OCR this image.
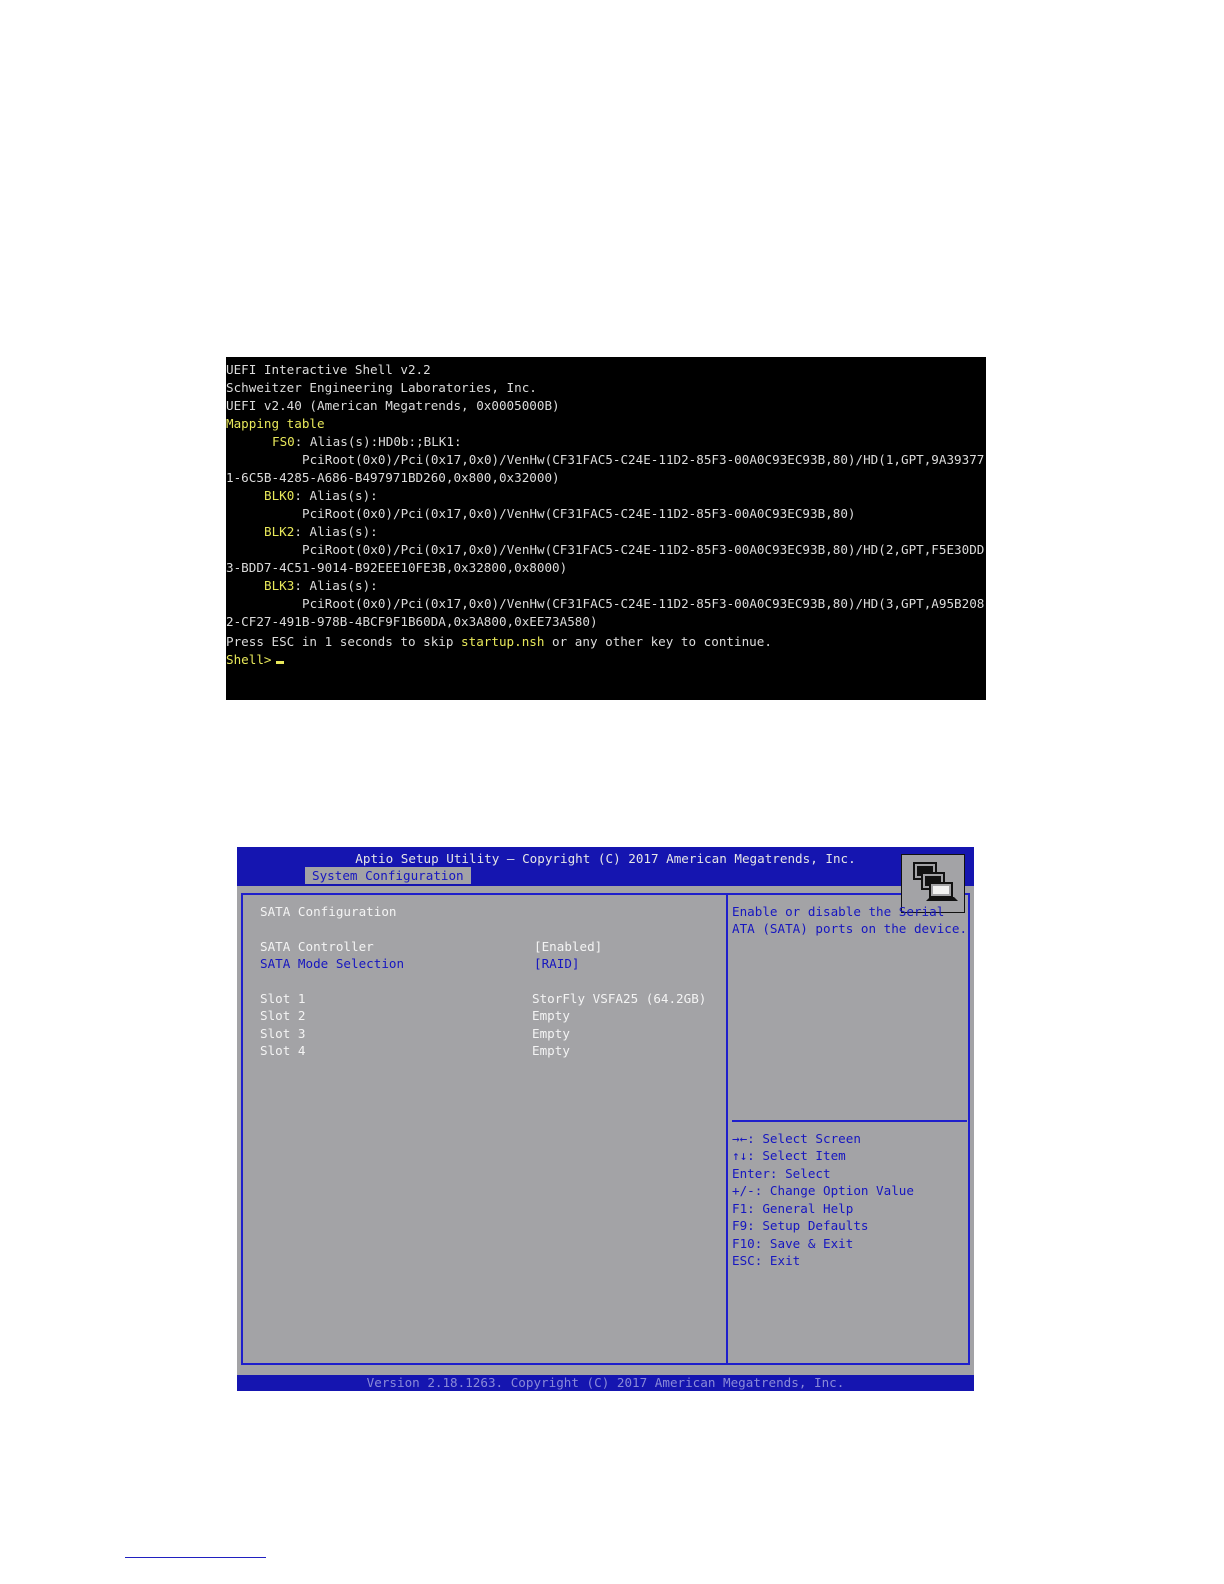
UEFI Interactive Shell v2.2
Schweitzer Engineering Laboratories, Inc.
UEFI v2.40 (American Megatrends, 0x0005000B)
Mapping table
FS0: Alias(s):HD0b:;BLK1:
PciRoot(0x0)/Pci(0x17,0x0)/VenHw(CF31FAC5-C24E-11D2-85F3-00A0C93EC93B,80)/HD(1,GPT,9A39377
1-6C5B-4285-A686-B497971BD260,0x800,0x32000)
BLK0: Alias(s):
PciRoot(0x0)/Pci(0x17,0x0)/VenHw(CF31FAC5-C24E-11D2-85F3-00A0C93EC93B,80)
BLK2: Alias(s):
PciRoot(0x0)/Pci(0x17,0x0)/VenHw(CF31FAC5-C24E-11D2-85F3-00A0C93EC93B,80)/HD(2,GPT,F5E30DD
3-BDD7-4C51-9014-B92EEE10FE3B,0x32800,0x8000)
BLK3: Alias(s):
PciRoot(0x0)/Pci(0x17,0x0)/VenHw(CF31FAC5-C24E-11D2-85F3-00A0C93EC93B,80)/HD(3,GPT,A95B208
2-CF27-491B-978B-4BCF9F1B60DA,0x3A800,0xEE73A580)
Press ESC in 1 seconds to skip startup.nsh or any other key to continue.
Shell>
Aptio Setup Utility – Copyright (C) 2017 American Megatrends, Inc.
System Configuration
SATA Configuration
SATA Controller	[Enabled]
SATA Mode Selection	[RAID]
Slot 1	StorFly VSFA25 (64.2GB)
Slot 2	Empty
Slot 3	Empty
Slot 4	Empty
Enable or disable the Serial
ATA (SATA) ports on the device.
→←: Select Screen
↑↓: Select Item
Enter: Select
+/-: Change Option Value
F1: General Help
F9: Setup Defaults
F10: Save & Exit
ESC: Exit
Version 2.18.1263. Copyright (C) 2017 American Megatrends, Inc.
